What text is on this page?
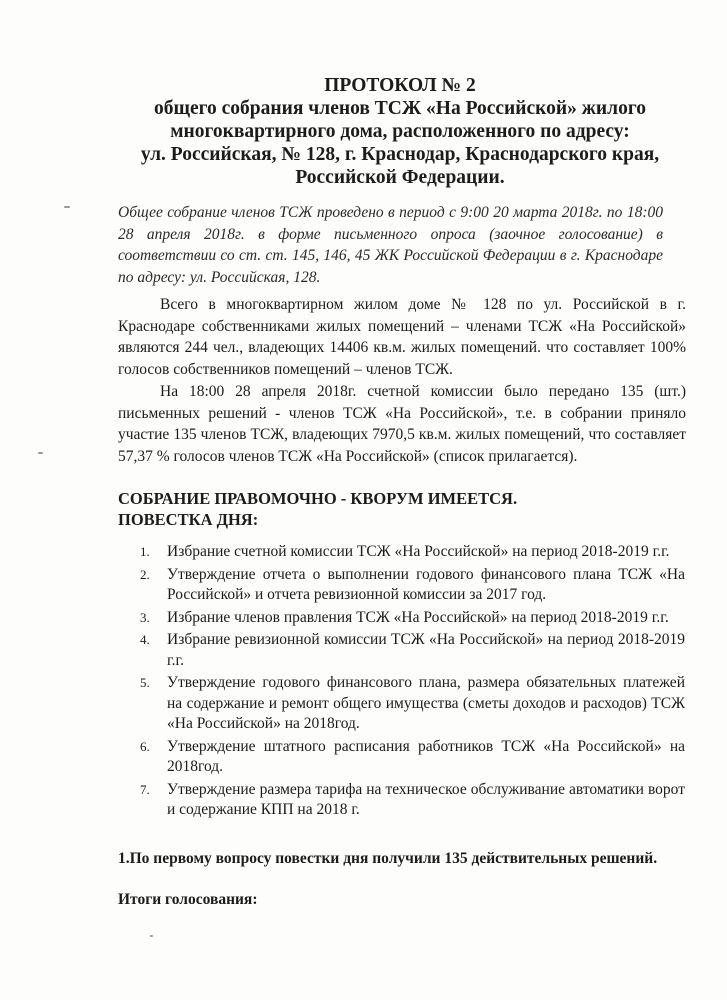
ПРОТОКОЛ № 2
общего собрания членов ТСЖ «На Российской» жилого
многоквартирного дома, расположенного по адресу:
ул. Российская, № 128, г. Краснодар, Краснодарского края,
Российской Федерации.
Общее собрание членов ТСЖ проведено в период с 9:00 20 марта 2018г. по 18:00 28 апреля 2018г. в форме письменного опроса (заочное голосование) в соответствии со ст. ст. 145, 146, 45 ЖК Российской Федерации в г. Краснодаре по адресу: ул. Российская, 128.
Всего в многоквартирном жилом доме № 128 по ул. Российской в г. Краснодаре собственниками жилых помещений – членами ТСЖ «На Российской» являются 244 чел., владеющих 14406 кв.м. жилых помещений. что составляет 100% голосов собственников помещений – членов ТСЖ.
На 18:00 28 апреля 2018г. счетной комиссии было передано 135 (шт.) письменных решений - членов ТСЖ «На Российской», т.е. в собрании приняло участие 135 членов ТСЖ, владеющих 7970,5 кв.м. жилых помещений, что составляет 57,37 % голосов членов ТСЖ «На Российской» (список прилагается).
СОБРАНИЕ ПРАВОМОЧНО - КВОРУМ ИМЕЕТСЯ.
ПОВЕСТКА ДНЯ:
1. Избрание счетной комиссии ТСЖ «На Российской» на период 2018-2019 г.г.
2. Утверждение отчета о выполнении годового финансового плана ТСЖ «На Российской» и отчета ревизионной комиссии за 2017 год.
3. Избрание членов правления ТСЖ «На Российской» на период 2018-2019 г.г.
4. Избрание ревизионной комиссии ТСЖ «На Российской» на период 2018-2019 г.г.
5. Утверждение годового финансового плана, размера обязательных платежей на содержание и ремонт общего имущества (сметы доходов и расходов) ТСЖ «На Российской» на 2018год.
6. Утверждение штатного расписания работников ТСЖ «На Российской» на 2018год.
7. Утверждение размера тарифа на техническое обслуживание автоматики ворот и содержание КПП на 2018 г.
1.По первому вопросу повестки дня получили 135 действительных решений.
Итоги голосования:
